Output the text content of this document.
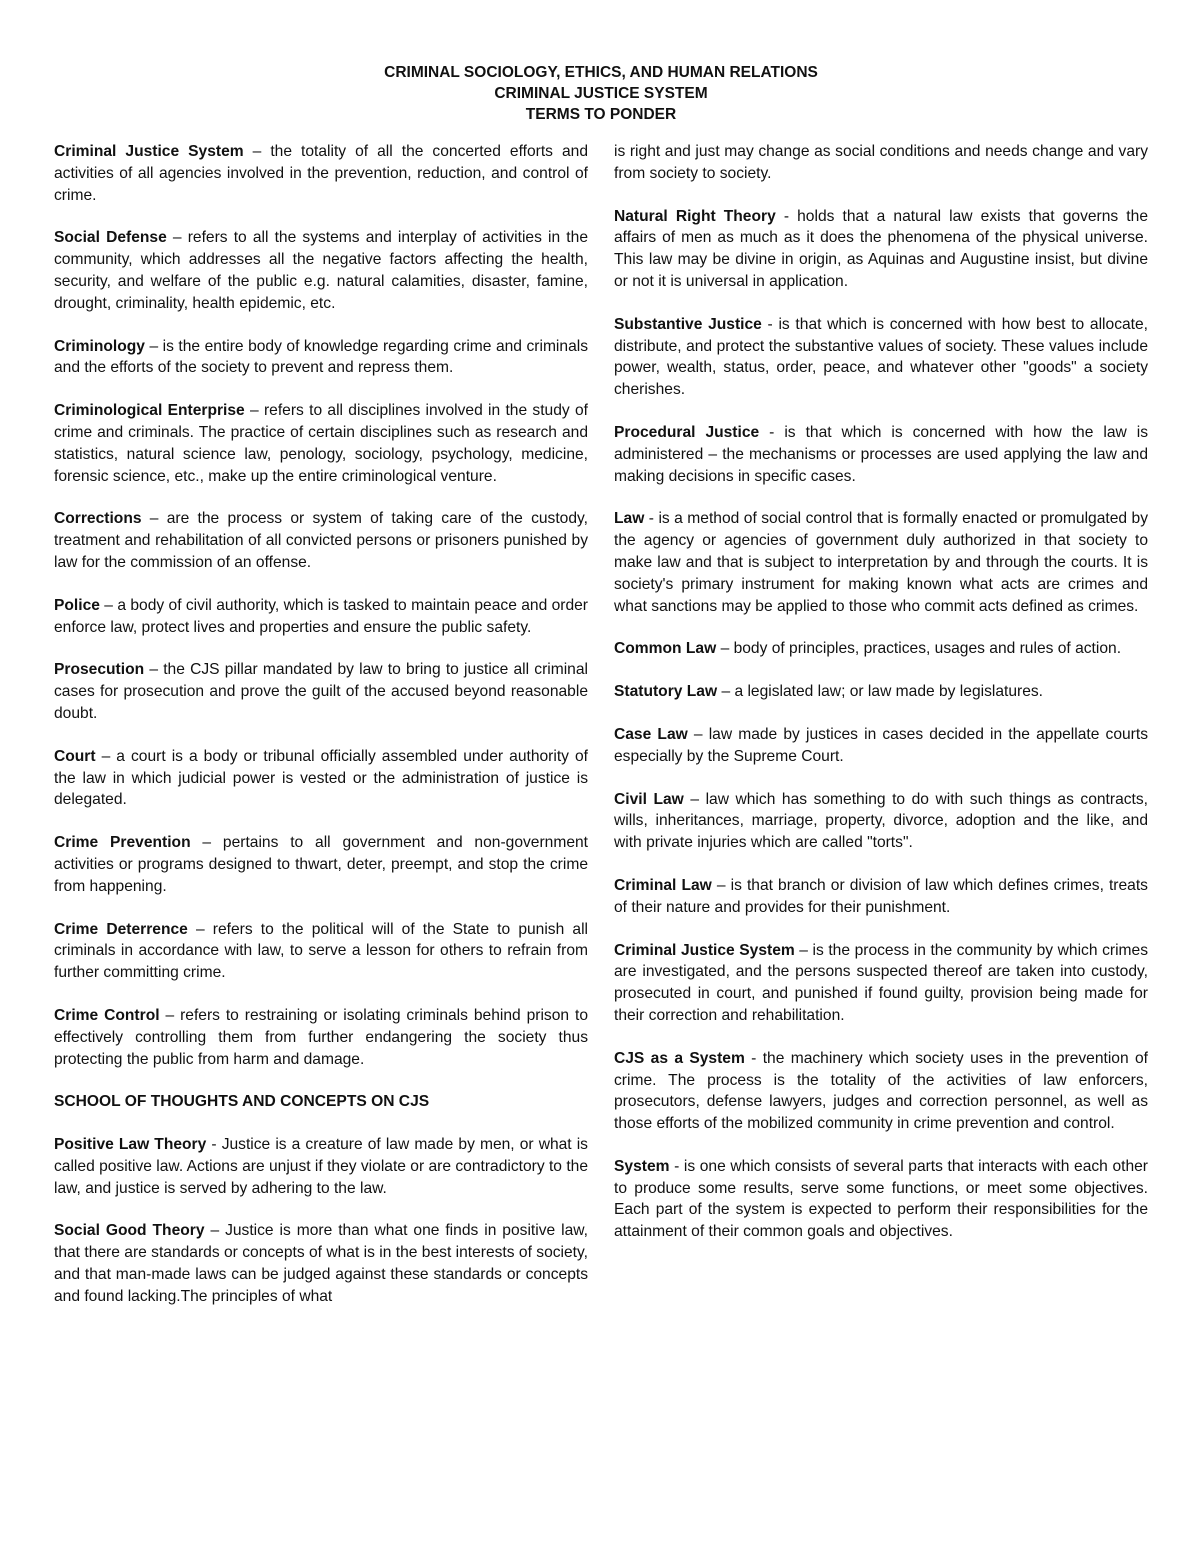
CRIMINAL SOCIOLOGY, ETHICS, AND HUMAN RELATIONS
CRIMINAL JUSTICE SYSTEM
TERMS TO PONDER

Criminal Justice System – the totality of all the concerted efforts and activities of all agencies involved in the prevention, reduction, and control of crime.

Social Defense – refers to all the systems and interplay of activities in the community, which addresses all the negative factors affecting the health, security, and welfare of the public e.g. natural calamities, disaster, famine, drought, criminality, health epidemic, etc.

Criminology – is the entire body of knowledge regarding crime and criminals and the efforts of the society to prevent and repress them.

Criminological Enterprise – refers to all disciplines involved in the study of crime and criminals. The practice of certain disciplines such as research and statistics, natural science law, penology, sociology, psychology, medicine, forensic science, etc., make up the entire criminological venture.

Corrections – are the process or system of taking care of the custody, treatment and rehabilitation of all convicted persons or prisoners punished by law for the commission of an offense.

Police – a body of civil authority, which is tasked to maintain peace and order enforce law, protect lives and properties and ensure the public safety.

Prosecution – the CJS pillar mandated by law to bring to justice all criminal cases for prosecution and prove the guilt of the accused beyond reasonable doubt.

Court – a court is a body or tribunal officially assembled under authority of the law in which judicial power is vested or the administration of justice is delegated.

Crime Prevention – pertains to all government and non-government activities or programs designed to thwart, deter, preempt, and stop the crime from happening.

Crime Deterrence – refers to the political will of the State to punish all criminals in accordance with law, to serve a lesson for others to refrain from further committing crime.

Crime Control – refers to restraining or isolating criminals behind prison to effectively controlling them from further endangering the society thus protecting the public from harm and damage.

SCHOOL OF THOUGHTS AND CONCEPTS ON CJS

Positive Law Theory - Justice is a creature of law made by men, or what is called positive law. Actions are unjust if they violate or are contradictory to the law, and justice is served by adhering to the law.

Social Good Theory – Justice is more than what one finds in positive law, that there are standards or concepts of what is in the best interests of society, and that man-made laws can be judged against these standards or concepts and found lacking.The principles of what

is right and just may change as social conditions and needs change and vary from society to society.

Natural Right Theory - holds that a natural law exists that governs the affairs of men as much as it does the phenomena of the physical universe. This law may be divine in origin, as Aquinas and Augustine insist, but divine or not it is universal in application.

Substantive Justice - is that which is concerned with how best to allocate, distribute, and protect the substantive values of society. These values include power, wealth, status, order, peace, and whatever other "goods" a society cherishes.

Procedural Justice - is that which is concerned with how the law is administered – the mechanisms or processes are used applying the law and making decisions in specific cases.

Law - is a method of social control that is formally enacted or promulgated by the agency or agencies of government duly authorized in that society to make law and that is subject to interpretation by and through the courts. It is society's primary instrument for making known what acts are crimes and what sanctions may be applied to those who commit acts defined as crimes.

Common Law – body of principles, practices, usages and rules of action.

Statutory Law – a legislated law; or law made by legislatures.

Case Law – law made by justices in cases decided in the appellate courts especially by the Supreme Court.

Civil Law – law which has something to do with such things as contracts, wills, inheritances, marriage, property, divorce, adoption and the like, and with private injuries which are called "torts".

Criminal Law – is that branch or division of law which defines crimes, treats of their nature and provides for their punishment.

Criminal Justice System – is the process in the community by which crimes are investigated, and the persons suspected thereof are taken into custody, prosecuted in court, and punished if found guilty, provision being made for their correction and rehabilitation.

CJS as a System - the machinery which society uses in the prevention of crime. The process is the totality of the activities of law enforcers, prosecutors, defense lawyers, judges and correction personnel, as well as those efforts of the mobilized community in crime prevention and control.

System - is one which consists of several parts that interacts with each other to produce some results, serve some functions, or meet some objectives. Each part of the system is expected to perform their responsibilities for the attainment of their common goals and objectives.
